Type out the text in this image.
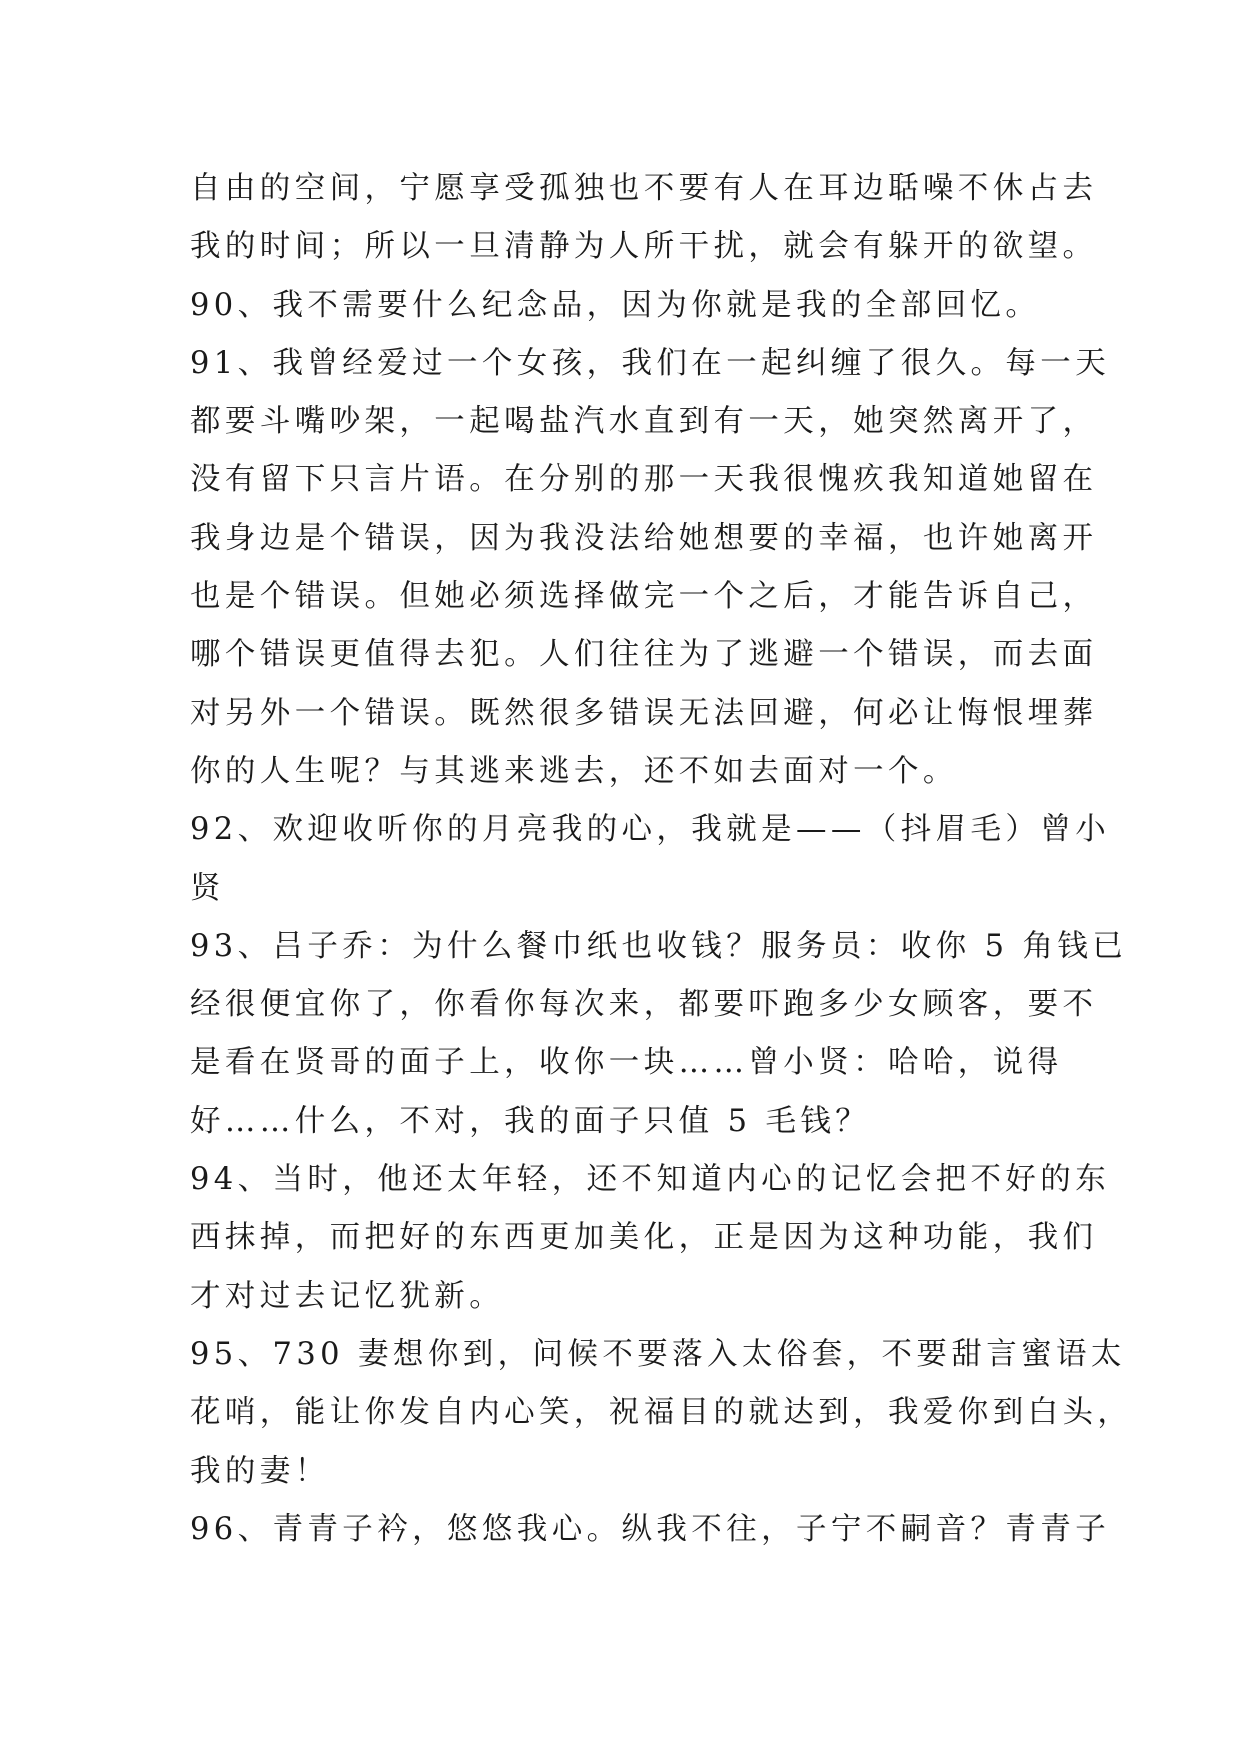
自由的空间，宁愿享受孤独也不要有人在耳边聒噪不休占去
我的时间；所以一旦清静为人所干扰，就会有躲开的欲望。
90、我不需要什么纪念品，因为你就是我的全部回忆。
91、我曾经爱过一个女孩，我们在一起纠缠了很久。每一天
都要斗嘴吵架，一起喝盐汽水直到有一天，她突然离开了，
没有留下只言片语。在分别的那一天我很愧疚我知道她留在
我身边是个错误，因为我没法给她想要的幸福，也许她离开
也是个错误。但她必须选择做完一个之后，才能告诉自己，
哪个错误更值得去犯。人们往往为了逃避一个错误，而去面
对另外一个错误。既然很多错误无法回避，何必让悔恨埋葬
你的人生呢？与其逃来逃去，还不如去面对一个。
92、欢迎收听你的月亮我的心，我就是——（抖眉毛）曾小
贤
93、吕子乔：为什么餐巾纸也收钱？服务员：收你 5 角钱已
经很便宜你了，你看你每次来，都要吓跑多少女顾客，要不
是看在贤哥的面子上，收你一块……曾小贤：哈哈，说得
好……什么，不对，我的面子只值 5 毛钱？
94、当时，他还太年轻，还不知道内心的记忆会把不好的东
西抹掉，而把好的东西更加美化，正是因为这种功能，我们
才对过去记忆犹新。
95、730 妻想你到，问候不要落入太俗套，不要甜言蜜语太
花哨，能让你发自内心笑，祝福目的就达到，我爱你到白头，
我的妻！
96、青青子衿，悠悠我心。纵我不往，子宁不嗣音？青青子
